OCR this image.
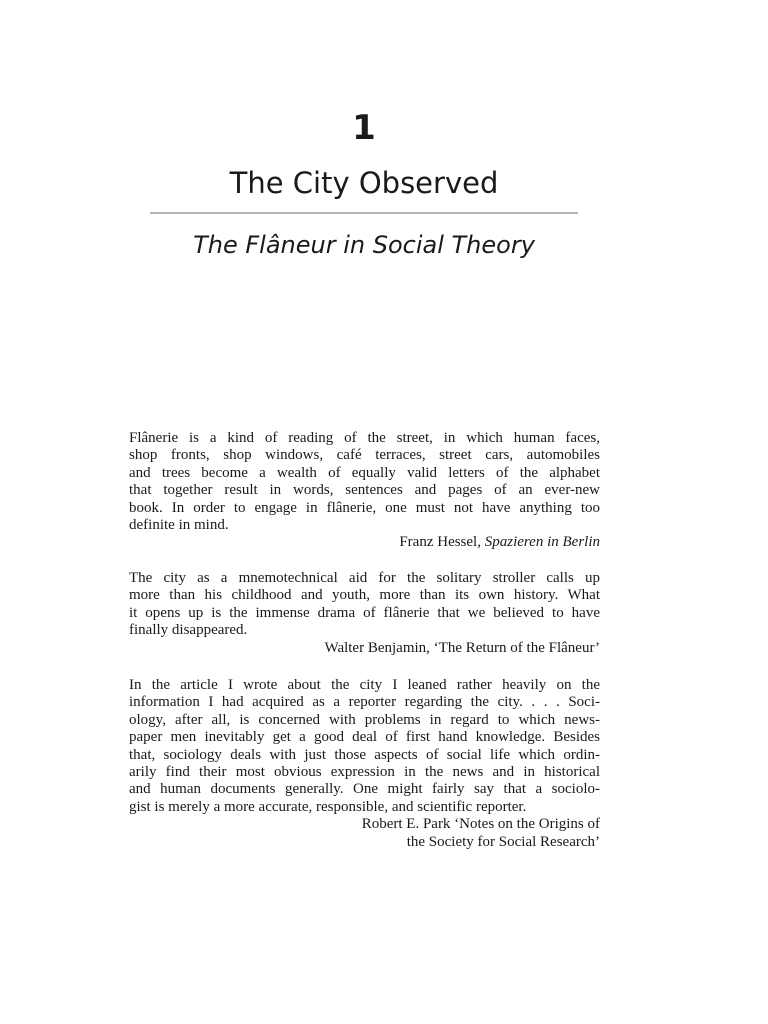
1
The City Observed
The Flâneur in Social Theory
Flânerie is a kind of reading of the street, in which human faces,
shop fronts, shop windows, café terraces, street cars, automobiles
and trees become a wealth of equally valid letters of the alphabet
that together result in words, sentences and pages of an ever-new
book. In order to engage in flânerie, one must not have anything too
definite in mind.
Franz Hessel, Spazieren in Berlin
The city as a mnemotechnical aid for the solitary stroller calls up
more than his childhood and youth, more than its own history. What
it opens up is the immense drama of flânerie that we believed to have
finally disappeared.
Walter Benjamin, ‘The Return of the Flâneur’
In the article I wrote about the city I leaned rather heavily on the
information I had acquired as a reporter regarding the city. . . . Soci-
ology, after all, is concerned with problems in regard to which news-
paper men inevitably get a good deal of first hand knowledge. Besides
that, sociology deals with just those aspects of social life which ordin-
arily find their most obvious expression in the news and in historical
and human documents generally. One might fairly say that a sociolo-
gist is merely a more accurate, responsible, and scientific reporter.
Robert E. Park ‘Notes on the Origins of
the Society for Social Research’
